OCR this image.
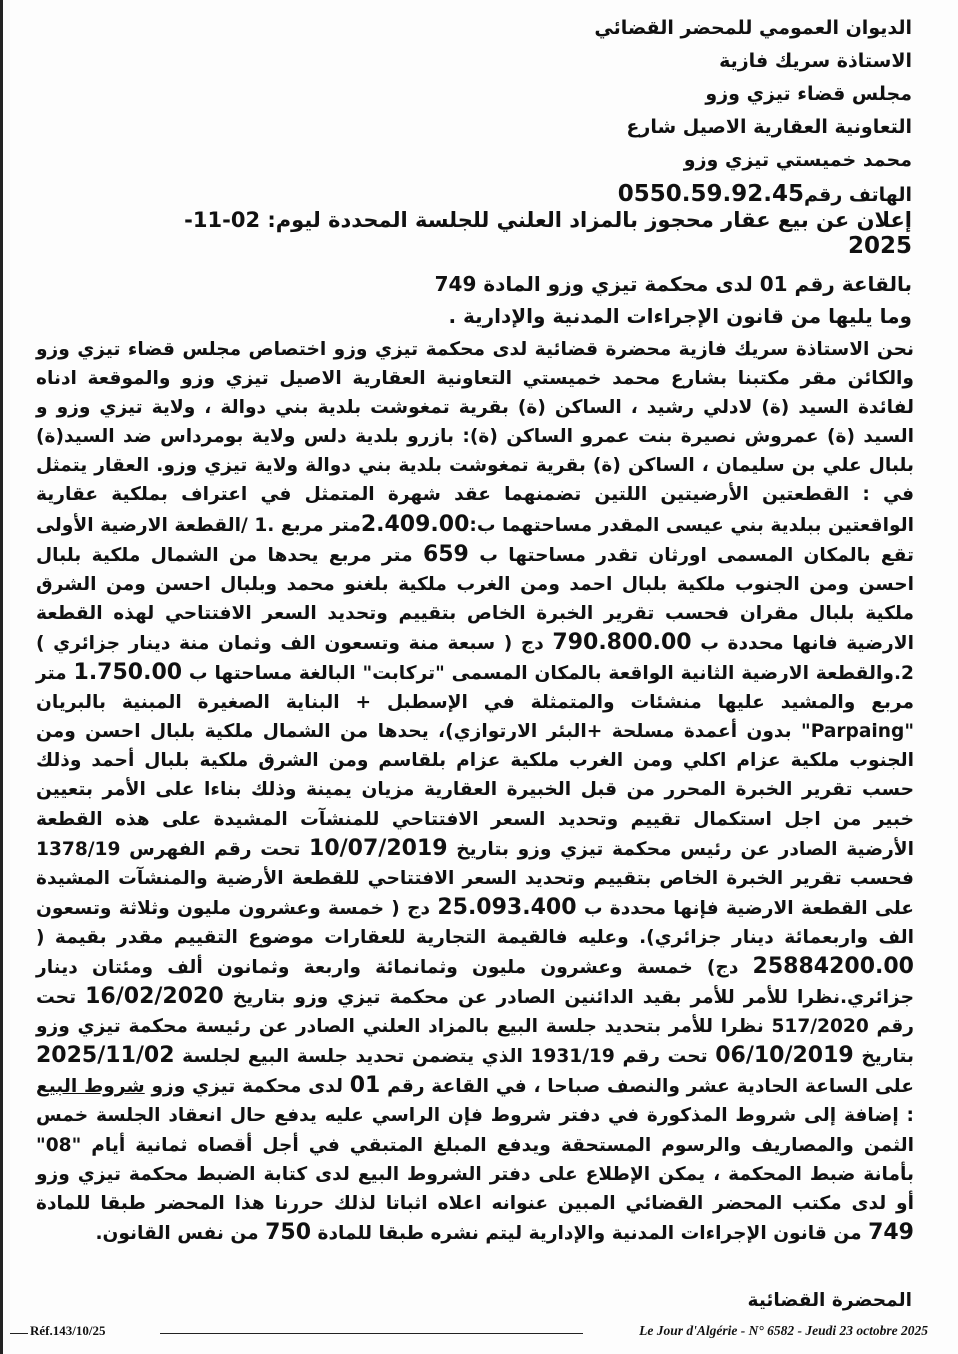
الديوان العمومي للمحضر القضائي
الاستاذة سريك فازية
مجلس قضاء تيزي وزو
التعاونية العقارية الاصيل شارع
محمد خميستي تيزي وزو
الهاتف رقم0550.59.92.45
إعلان عن بيع عقار محجوز بالمزاد العلني للجلسة المحددة ليوم: 02-11-
2025
بالقاعة رقم 01 لدى محكمة تيزي وزو المادة 749
وما يليها من قانون الإجراءات المدنية والإدارية .

نحن الاستاذة سريك فازية محضرة قضائية لدى محكمة تيزي وزو اختصاص مجلس قضاء تيزي وزو والكائن مقر مكتبنا بشارع محمد خميستي التعاونية العقارية الاصيل تيزي وزو والموقعة ادناه لفائدة السيد (ة) لادلي رشيد ، الساكن (ة) بقرية تمغوشت بلدية بني دوالة ، ولاية تيزي وزو و السيد (ة) عمروش نصيرة بنت عمرو الساكن (ة): بازرو بلدية دلس ولاية بومرداس ضد السيد(ة) بلبال علي بن سليمان ، الساكن (ة) بقرية تمغوشت بلدية بني دوالة ولاية تيزي وزو. العقار يتمثل في : القطعتين الأرضيتين اللتين تضمنهما عقد شهرة المتمثل في اعتراف بملكية عقارية الواقعتين ببلدية بني عيسى المقدر مساحتهما ب:2.409.00متر مربع .1 /القطعة الارضية الأولى تقع بالمكان المسمى اورثان تقدر مساحتها ب 659 متر مربع يحدها من الشمال ملكية بلبال احسن ومن الجنوب ملكية بلبال احمد ومن الغرب ملكية بلغنو محمد وبلبال احسن ومن الشرق ملكية بلبال مقران فحسب تقرير الخبرة الخاص بتقييم وتحديد السعر الافتتاحي لهذه القطعة الارضية فانها محددة ب 790.800.00 دج ( سبعة منة وتسعون الف وثمان منة دينار جزائري ) 2.والقطعة الارضية الثانية الواقعة بالمكان المسمى "تركابت" البالغة مساحتها ب 1.750.00 متر مربع والمشيد عليها منشئات والمتمثلة في الإسطبل + البناية الصغيرة المبنية بالبريان "Parpaing" بدون أعمدة مسلحة +البئر الارتوازي)، يحدها من الشمال ملكية بلبال احسن ومن الجنوب ملكية عزام اكلي ومن الغرب ملكية عزام بلقاسم ومن الشرق ملكية بلبال أحمد وذلك حسب تقرير الخبرة المحرر من قبل الخبيرة العقارية مزيان يمينة وذلك بناءا على الأمر بتعيين خبير من اجل استكمال تقييم وتحديد السعر الافتتاحي للمنشآت المشيدة على هذه القطعة الأرضية الصادر عن رئيس محكمة تيزي وزو بتاريخ 10/07/2019 تحت رقم الفهرس 1378/19 فحسب تقرير الخبرة الخاص بتقييم وتحديد السعر الافتتاحي للقطعة الأرضية والمنشآت المشيدة على القطعة الارضية فإنها محددة ب 25.093.400 دج ( خمسة وعشرون مليون وثلاثة وتسعون الف واربعمائة دينار جزائري). وعليه فالقيمة التجارية للعقارات موضوع التقييم مقدر بقيمة ( 25884200.00 دج) خمسة وعشرون مليون وثمانمائة واربعة وثمانون ألف ومئتان دينار جزائري.نظرا للأمر للأمر بقيد الدائنين الصادر عن محكمة تيزي وزو بتاريخ 16/02/2020 تحت رقم 517/2020 نظرا للأمر بتحديد جلسة البيع بالمزاد العلني الصادر عن رئيسة محكمة تيزي وزو بتاريخ 06/10/2019 تحت رقم 1931/19 الذي يتضمن تحديد جلسة البيع لجلسة 2025/11/02 على الساعة الحادية عشر والنصف صباحا ، في القاعة رقم 01 لدى محكمة تيزي وزو شروط البيع : إضافة إلى شروط المذكورة في دفتر شروط فإن الراسي عليه يدفع حال انعقاد الجلسة خمس الثمن والمصاريف والرسوم المستحقة ويدفع المبلغ المتبقي في أجل أقصاه ثمانية أيام "08" بأمانة ضبط المحكمة ، يمكن الإطلاع على دفتر الشروط البيع لدى كتابة الضبط محكمة تيزي وزو أو لدى مكتب المحضر القضائي المبين عنوانه اعلاه اثباتا لذلك حررنا هذا المحضر طبقا للمادة 749 من قانون الإجراءات المدنية والإدارية ليتم نشره طبقا للمادة 750 من نفس القانون.

المحضرة القضائية
Réf.143/10/25	Le Jour d'Algérie - N° 6582 - Jeudi 23 octobre 2025
